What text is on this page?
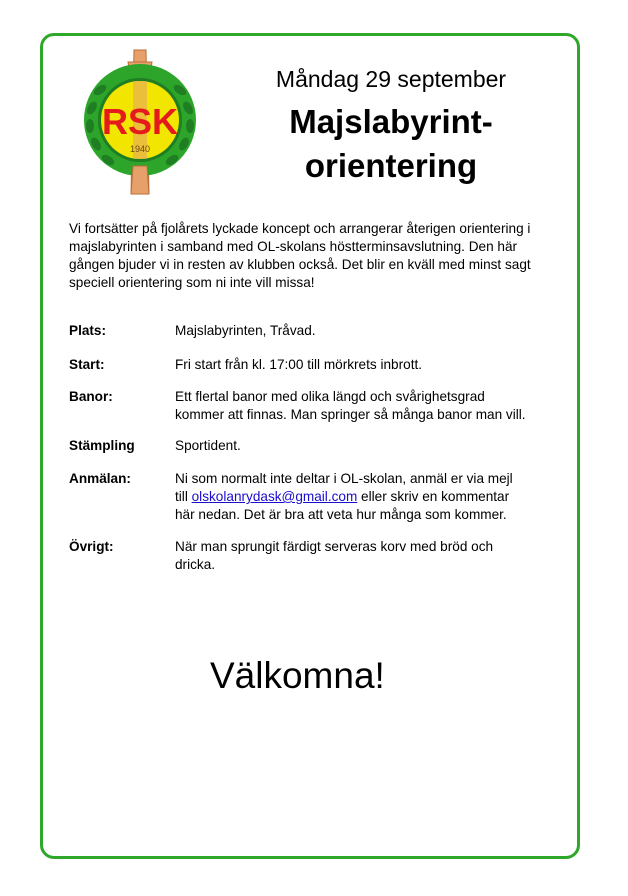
RSK
1940
Måndag 29 september
Majslabyrint-
orientering
Vi fortsätter på fjolårets lyckade koncept och arrangerar återigen orientering i majslabyrinten i samband med OL-skolans höstterminsavslutning. Den här gången bjuder vi in resten av klubben också. Det blir en kväll med minst sagt speciell orientering som ni inte vill missa!
Plats:	Majslabyrinten, Tråvad.
Start:	Fri start från kl. 17:00 till mörkrets inbrott.
Banor:	Ett flertal banor med olika längd och svårighetsgrad
kommer att finnas. Man springer så många banor man vill.
Stämpling	Sportident.
Anmälan:	Ni som normalt inte deltar i OL-skolan, anmäl er via mejl
till olskolanrydask@gmail.com eller skriv en kommentar
här nedan. Det är bra att veta hur många som kommer.
Övrigt:	När man sprungit färdigt serveras korv med bröd och
dricka.
Välkomna!
